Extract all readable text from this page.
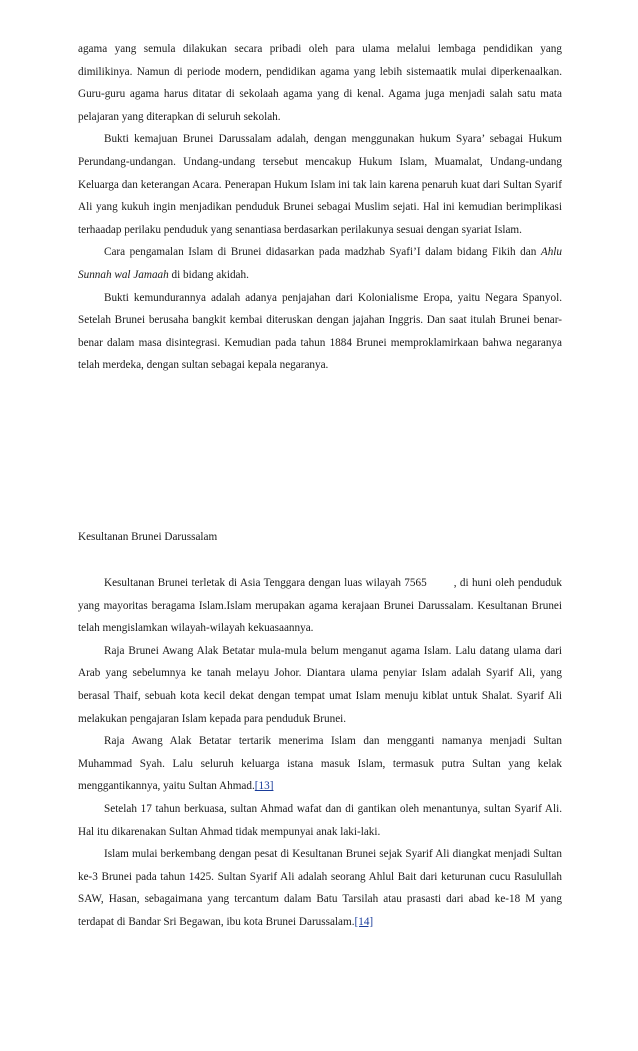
agama yang semula dilakukan secara pribadi oleh para ulama melalui lembaga pendidikan yang dimilikinya. Namun di periode modern, pendidikan agama yang lebih sistemaatik mulai diperkenaalkan. Guru-guru agama harus ditatar di sekolaah agama yang di kenal. Agama juga menjadi salah satu mata pelajaran yang diterapkan di seluruh sekolah.

Bukti kemajuan Brunei Darussalam adalah, dengan menggunakan hukum Syara’ sebagai Hukum Perundang-undangan. Undang-undang tersebut mencakup Hukum Islam, Muamalat, Undang-undang Keluarga dan keterangan Acara. Penerapan Hukum Islam ini tak lain karena penaruh kuat dari Sultan Syarif Ali yang kukuh ingin menjadikan penduduk Brunei sebagai Muslim sejati. Hal ini kemudian berimplikasi terhaadap perilaku penduduk yang senantiasa berdasarkan perilakunya sesuai dengan syariat Islam.

Cara pengamalan Islam di Brunei didasarkan pada madzhab Syafi’I dalam bidang Fikih dan Ahlu Sunnah wal Jamaah di bidang akidah.

Bukti kemundurannya adalah adanya penjajahan dari Kolonialisme Eropa, yaitu Negara Spanyol. Setelah Brunei berusaha bangkit kembai diteruskan dengan jajahan Inggris. Dan saat itulah Brunei benar-benar dalam masa disintegrasi. Kemudian pada tahun 1884 Brunei memproklamirkaan bahwa negaranya telah merdeka, dengan sultan sebagai kepala negaranya.

Kesultanan Brunei Darussalam

Kesultanan Brunei terletak di Asia Tenggara dengan luas wilayah 7565        , di huni oleh penduduk yang mayoritas beragama Islam.Islam merupakan agama kerajaan Brunei Darussalam. Kesultanan Brunei telah mengislamkan wilayah-wilayah kekuasaannya.

Raja Brunei Awang Alak Betatar mula-mula belum menganut agama Islam. Lalu datang ulama dari Arab yang sebelumnya ke tanah melayu Johor. Diantara ulama penyiar Islam adalah Syarif Ali, yang berasal Thaif, sebuah kota kecil dekat dengan tempat umat Islam menuju kiblat untuk Shalat. Syarif Ali melakukan pengajaran Islam kepada para penduduk Brunei.

Raja Awang Alak Betatar tertarik menerima Islam dan mengganti namanya menjadi Sultan Muhammad Syah. Lalu seluruh keluarga istana masuk Islam, termasuk putra Sultan yang kelak menggantikannya, yaitu Sultan Ahmad.[13]

Setelah 17 tahun berkuasa, sultan Ahmad wafat dan di gantikan oleh menantunya, sultan Syarif Ali. Hal itu dikarenakan Sultan Ahmad tidak mempunyai anak laki-laki.

Islam mulai berkembang dengan pesat di Kesultanan Brunei sejak Syarif Ali diangkat menjadi Sultan ke-3 Brunei pada tahun 1425. Sultan Syarif Ali adalah seorang Ahlul Bait dari keturunan cucu Rasulullah SAW, Hasan, sebagaimana yang tercantum dalam Batu Tarsilah atau prasasti dari abad ke-18 M yang terdapat di Bandar Sri Begawan, ibu kota Brunei Darussalam.[14]
